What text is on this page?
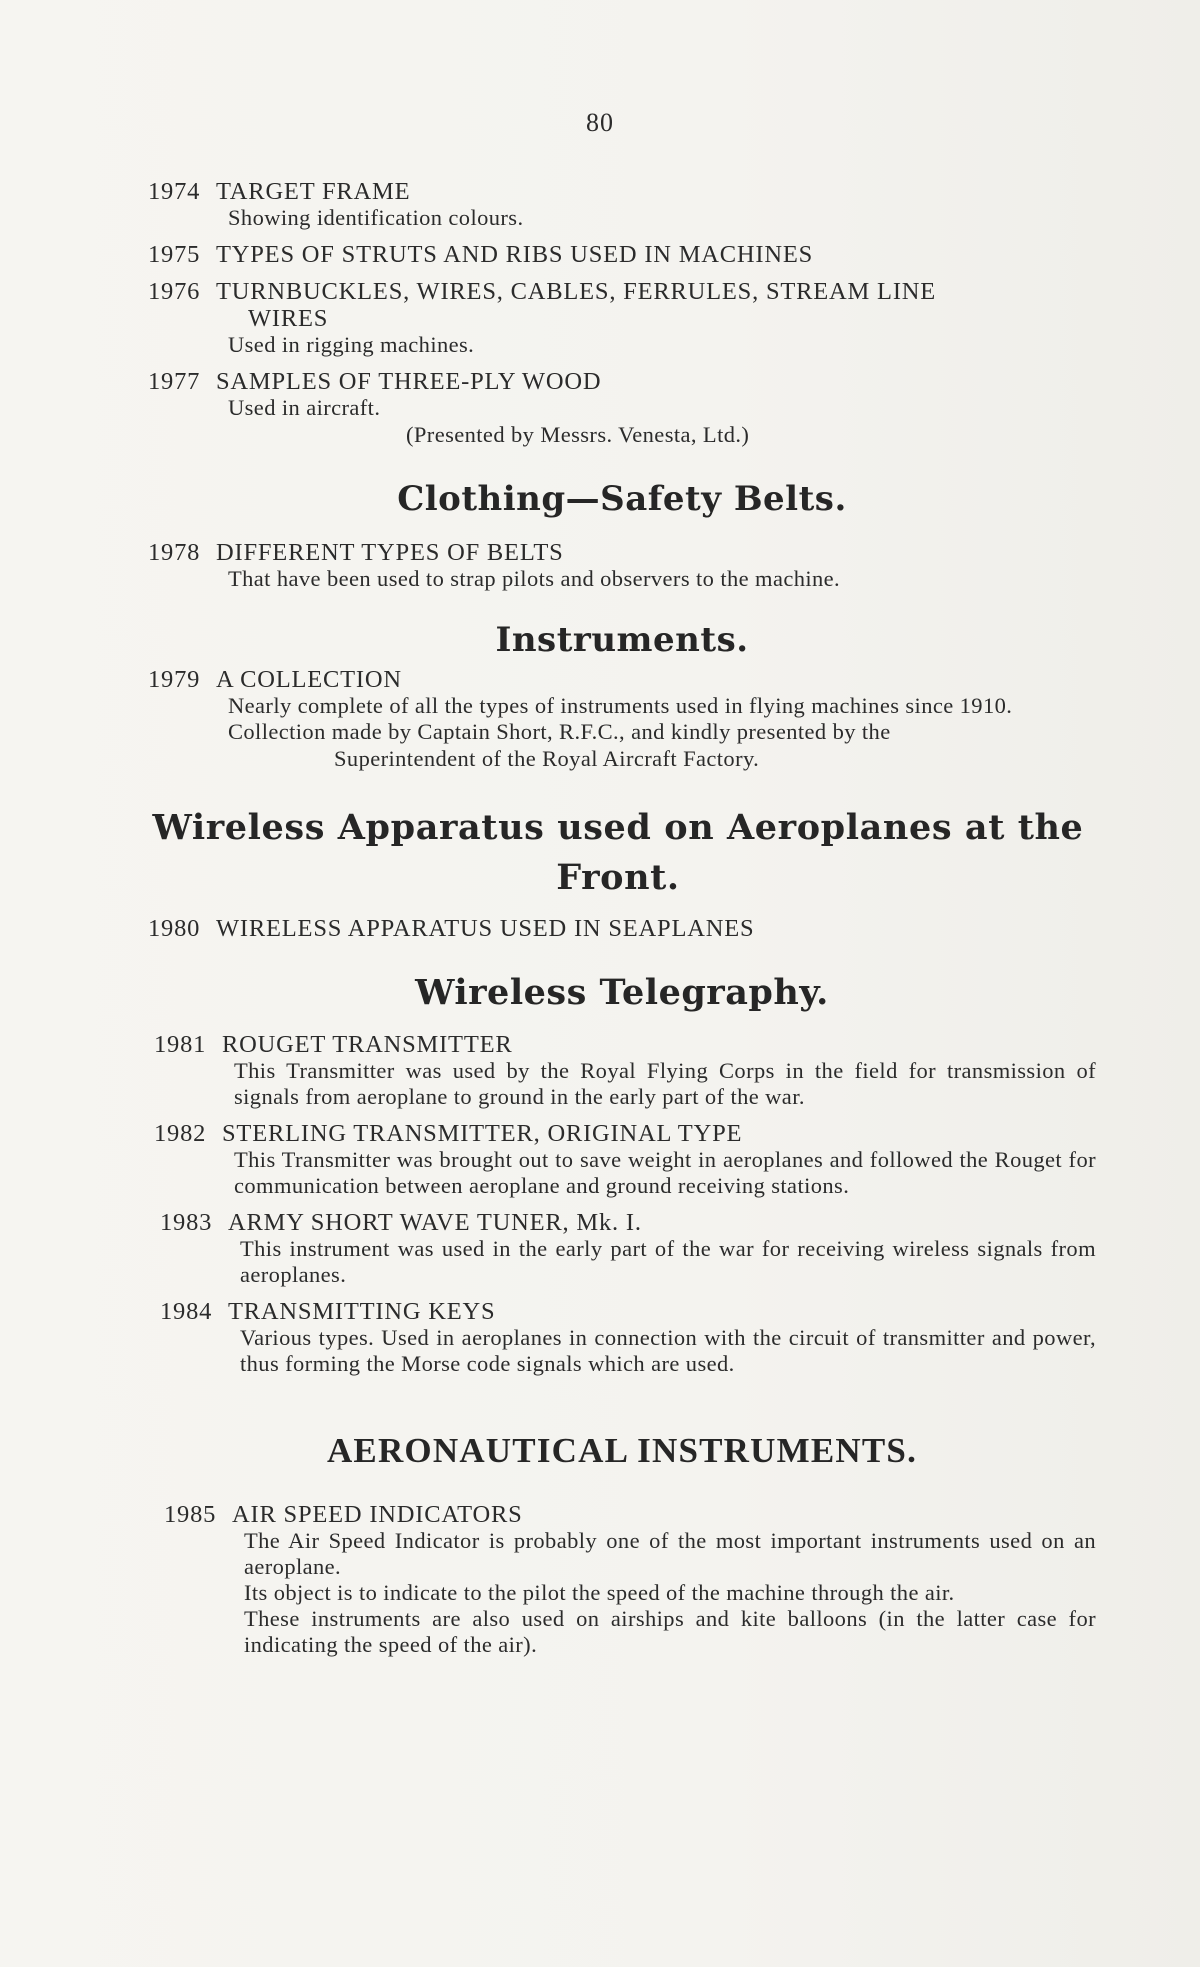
80
1974 TARGET FRAME
Showing identification colours.
1975 TYPES OF STRUTS AND RIBS USED IN MACHINES
1976 TURNBUCKLES, WIRES, CABLES, FERRULES, STREAM LINE
WIRES
Used in rigging machines.
1977 SAMPLES OF THREE-PLY WOOD
Used in aircraft.
(Presented by Messrs. Venesta, Ltd.)
Clothing—Safety Belts.
1978 DIFFERENT TYPES OF BELTS
That have been used to strap pilots and observers to the machine.
Instruments.
1979 A COLLECTION
Nearly complete of all the types of instruments used in flying machines since 1910.
Collection made by Captain Short, R.F.C., and kindly presented by the
Superintendent of the Royal Aircraft Factory.
Wireless Apparatus used on Aeroplanes at the
Front.
1980 WIRELESS APPARATUS USED IN SEAPLANES
Wireless Telegraphy.
1981 ROUGET TRANSMITTER
This Transmitter was used by the Royal Flying Corps in the field for transmission of signals from aeroplane to ground in the early part of the war.
1982 STERLING TRANSMITTER, ORIGINAL TYPE
This Transmitter was brought out to save weight in aeroplanes and followed the Rouget for communication between aeroplane and ground receiving stations.
1983 ARMY SHORT WAVE TUNER, Mk. I.
This instrument was used in the early part of the war for receiving wireless signals from aeroplanes.
1984 TRANSMITTING KEYS
Various types. Used in aeroplanes in connection with the circuit of transmitter and power, thus forming the Morse code signals which are used.
AERONAUTICAL INSTRUMENTS.
1985 AIR SPEED INDICATORS
The Air Speed Indicator is probably one of the most important instruments used on an aeroplane.
Its object is to indicate to the pilot the speed of the machine through the air.
These instruments are also used on airships and kite balloons (in the latter case for indicating the speed of the air).
